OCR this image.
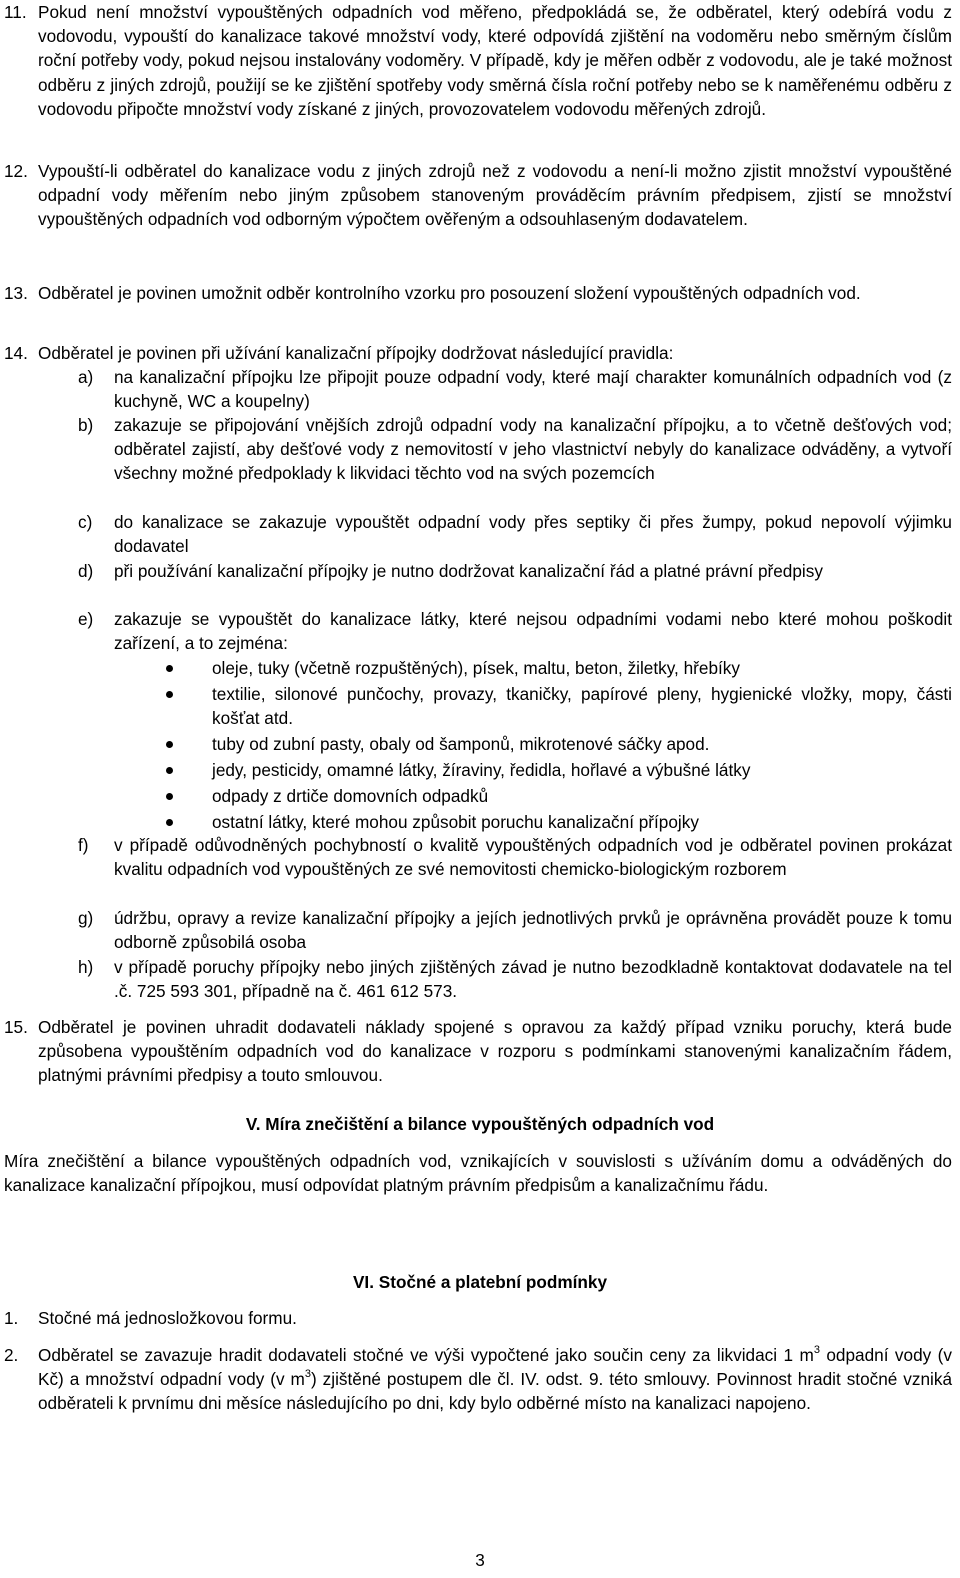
11. Pokud není množství vypouštěných odpadních vod měřeno, předpokládá se, že odběratel, který odebírá vodu z vodovodu, vypouští do kanalizace takové množství vody, které odpovídá zjištění na vodoměru nebo směrným číslům roční potřeby vody, pokud nejsou instalovány vodoměry. V případě, kdy je měřen odběr z vodovodu, ale je také možnost odběru z jiných zdrojů, použijí se ke zjištění spotřeby vody směrná čísla roční potřeby nebo se k naměřenému odběru z vodovodu připočte množství vody získané z jiných, provozovatelem vodovodu měřených zdrojů.
12. Vypouští-li odběratel do kanalizace vodu z jiných zdrojů než z vodovodu a není-li možno zjistit množství vypouštěné odpadní vody měřením nebo jiným způsobem stanoveným prováděcím právním předpisem, zjistí se množství vypouštěných odpadních vod odborným výpočtem ověřeným a odsouhlaseným dodavatelem.
13. Odběratel je povinen umožnit odběr kontrolního vzorku pro posouzení složení vypouštěných odpadních vod.
14. Odběratel je povinen při užívání kanalizační přípojky dodržovat následující pravidla:
a) na kanalizační přípojku lze připojit pouze odpadní vody, které mají charakter komunálních odpadních vod (z kuchyně, WC a koupelny)
b) zakazuje se připojování vnějších zdrojů odpadní vody na kanalizační přípojku, a to včetně dešťových vod; odběratel zajistí, aby dešťové vody z nemovitostí v jeho vlastnictví nebyly do kanalizace odváděny, a vytvoří všechny možné předpoklady k likvidaci těchto vod na svých pozemcích
c) do kanalizace se zakazuje vypouštět odpadní vody přes septiky či přes žumpy, pokud nepovolí výjimku dodavatel
d) při používání kanalizační přípojky je nutno dodržovat kanalizační řád a platné právní předpisy
e) zakazuje se vypouštět do kanalizace látky, které nejsou odpadními vodami nebo které mohou poškodit zařízení, a to zejména:
oleje, tuky (včetně rozpuštěných), písek, maltu, beton, žiletky, hřebíky
textilie, silonové punčochy, provazy, tkaničky, papírové pleny, hygienické vložky, mopy, části košťat atd.
tuby od zubní pasty, obaly od šamponů, mikrotenové sáčky apod.
jedy, pesticidy, omamné látky, žíraviny, ředidla, hořlavé a výbušné látky
odpady z drtiče domovních odpadků
ostatní látky, které mohou způsobit poruchu kanalizační přípojky
f) v případě odůvodněných pochybností o kvalitě vypouštěných odpadních vod je odběratel povinen prokázat kvalitu odpadních vod vypouštěných ze své nemovitosti chemicko-biologickým rozborem
g) údržbu, opravy a revize kanalizační přípojky a jejích jednotlivých prvků je oprávněna provádět pouze k tomu odborně způsobilá osoba
h) v případě poruchy přípojky nebo jiných zjištěných závad je nutno bezodkladně kontaktovat dodavatele na tel .č. 725 593 301, případně na č. 461 612 573.
15. Odběratel je povinen uhradit dodavateli náklady spojené s opravou za každý případ vzniku poruchy, která bude způsobena vypouštěním odpadních vod do kanalizace v rozporu s podmínkami stanovenými kanalizačním řádem, platnými právními předpisy a touto smlouvou.
V. Míra znečištění a bilance vypouštěných odpadních vod
Míra znečištění a bilance vypouštěných odpadních vod, vznikajících v souvislosti s užíváním domu a odváděných do kanalizace kanalizační přípojkou, musí odpovídat platným právním předpisům a kanalizačnímu řádu.
VI. Stočné a platební podmínky
1. Stočné má jednosložkovou formu.
2. Odběratel se zavazuje hradit dodavateli stočné ve výši vypočtené jako součin ceny za likvidaci 1 $m^3$ odpadní vody (v Kč) a množství odpadní vody (v $m^3$) zjištěné postupem dle čl. IV. odst. 9. této smlouvy. Povinnost hradit stočné vzniká odběrateli k prvnímu dni měsíce následujícího po dni, kdy bylo odběrné místo na kanalizaci napojeno.
3
